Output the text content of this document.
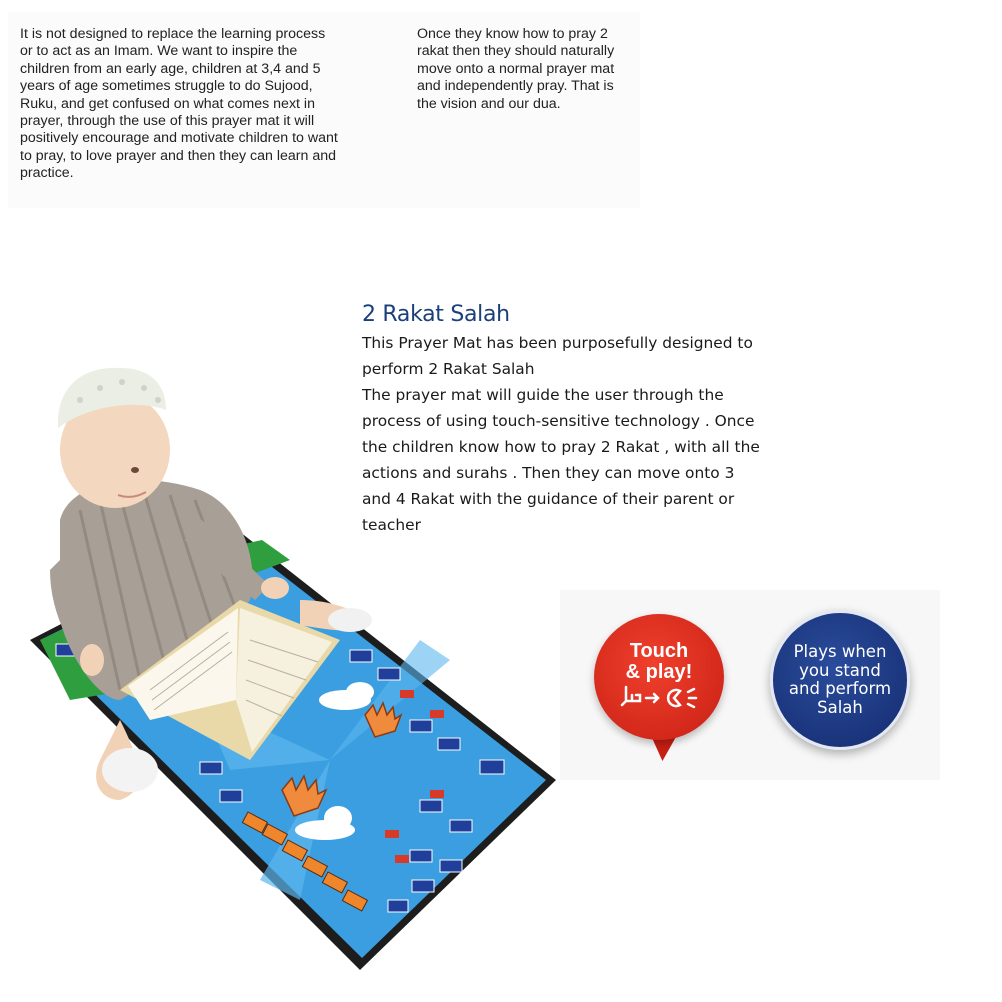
It is not designed to replace the learning process or to act as an Imam. We want to inspire the children from an early age, children at 3,4 and 5 years of age sometimes struggle to do Sujood, Ruku, and get confused on what comes next in prayer, through the use of this prayer mat it will positively encourage and motivate children to want to pray, to love prayer and then they can learn and practice.
Once they know how to pray 2 rakat then they should naturally move onto a normal prayer mat and independently pray. That is the vision and our dua.
2 Rakat Salah

This Prayer Mat has been purposefully designed to perform 2 Rakat Salah

The prayer mat will guide the user through the process of using touch-sensitive technology . Once the children know how to pray 2 Rakat , with all the actions and surahs . Then they can move onto 3 and 4 Rakat with the guidance of their parent or teacher

Touch
& play!
Plays when
you stand
and perform
Salah
